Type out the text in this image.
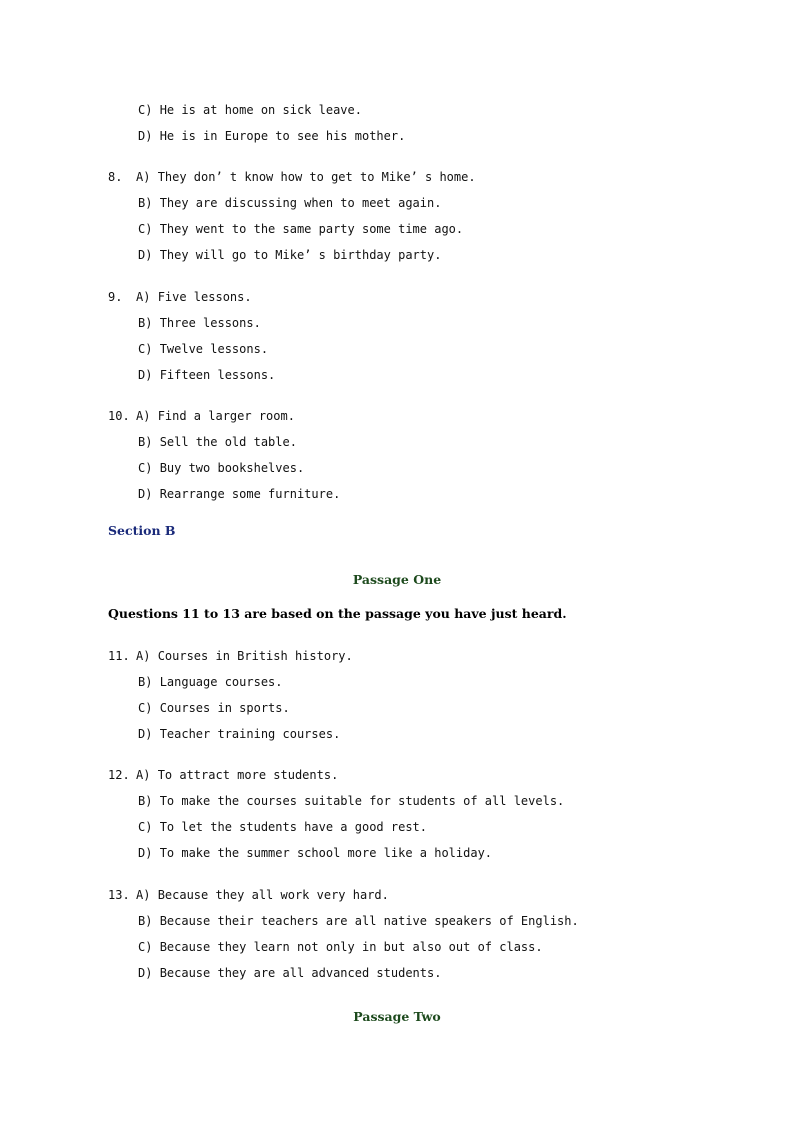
C) He is at home on sick leave.
D) He is in Europe to see his mother.
8. A) They don’ t know how to get to Mike’ s home.
B) They are discussing when to meet again.
C) They went to the same party some time ago.
D) They will go to Mike’ s birthday party.
9. A) Five lessons.
B) Three lessons.
C) Twelve lessons.
D) Fifteen lessons.
10. A) Find a larger room.
B) Sell the old table.
C) Buy two bookshelves.
D) Rearrange some furniture.
Section B
Passage One
Questions 11 to 13 are based on the passage you have just heard.
11. A) Courses in British history.
B) Language courses.
C) Courses in sports.
D) Teacher training courses.
12. A) To attract more students.
B) To make the courses suitable for students of all levels.
C) To let the students have a good rest.
D) To make the summer school more like a holiday.
13. A) Because they all work very hard.
B) Because their teachers are all native speakers of English.
C) Because they learn not only in but also out of class.
D) Because they are all advanced students.
Passage Two
